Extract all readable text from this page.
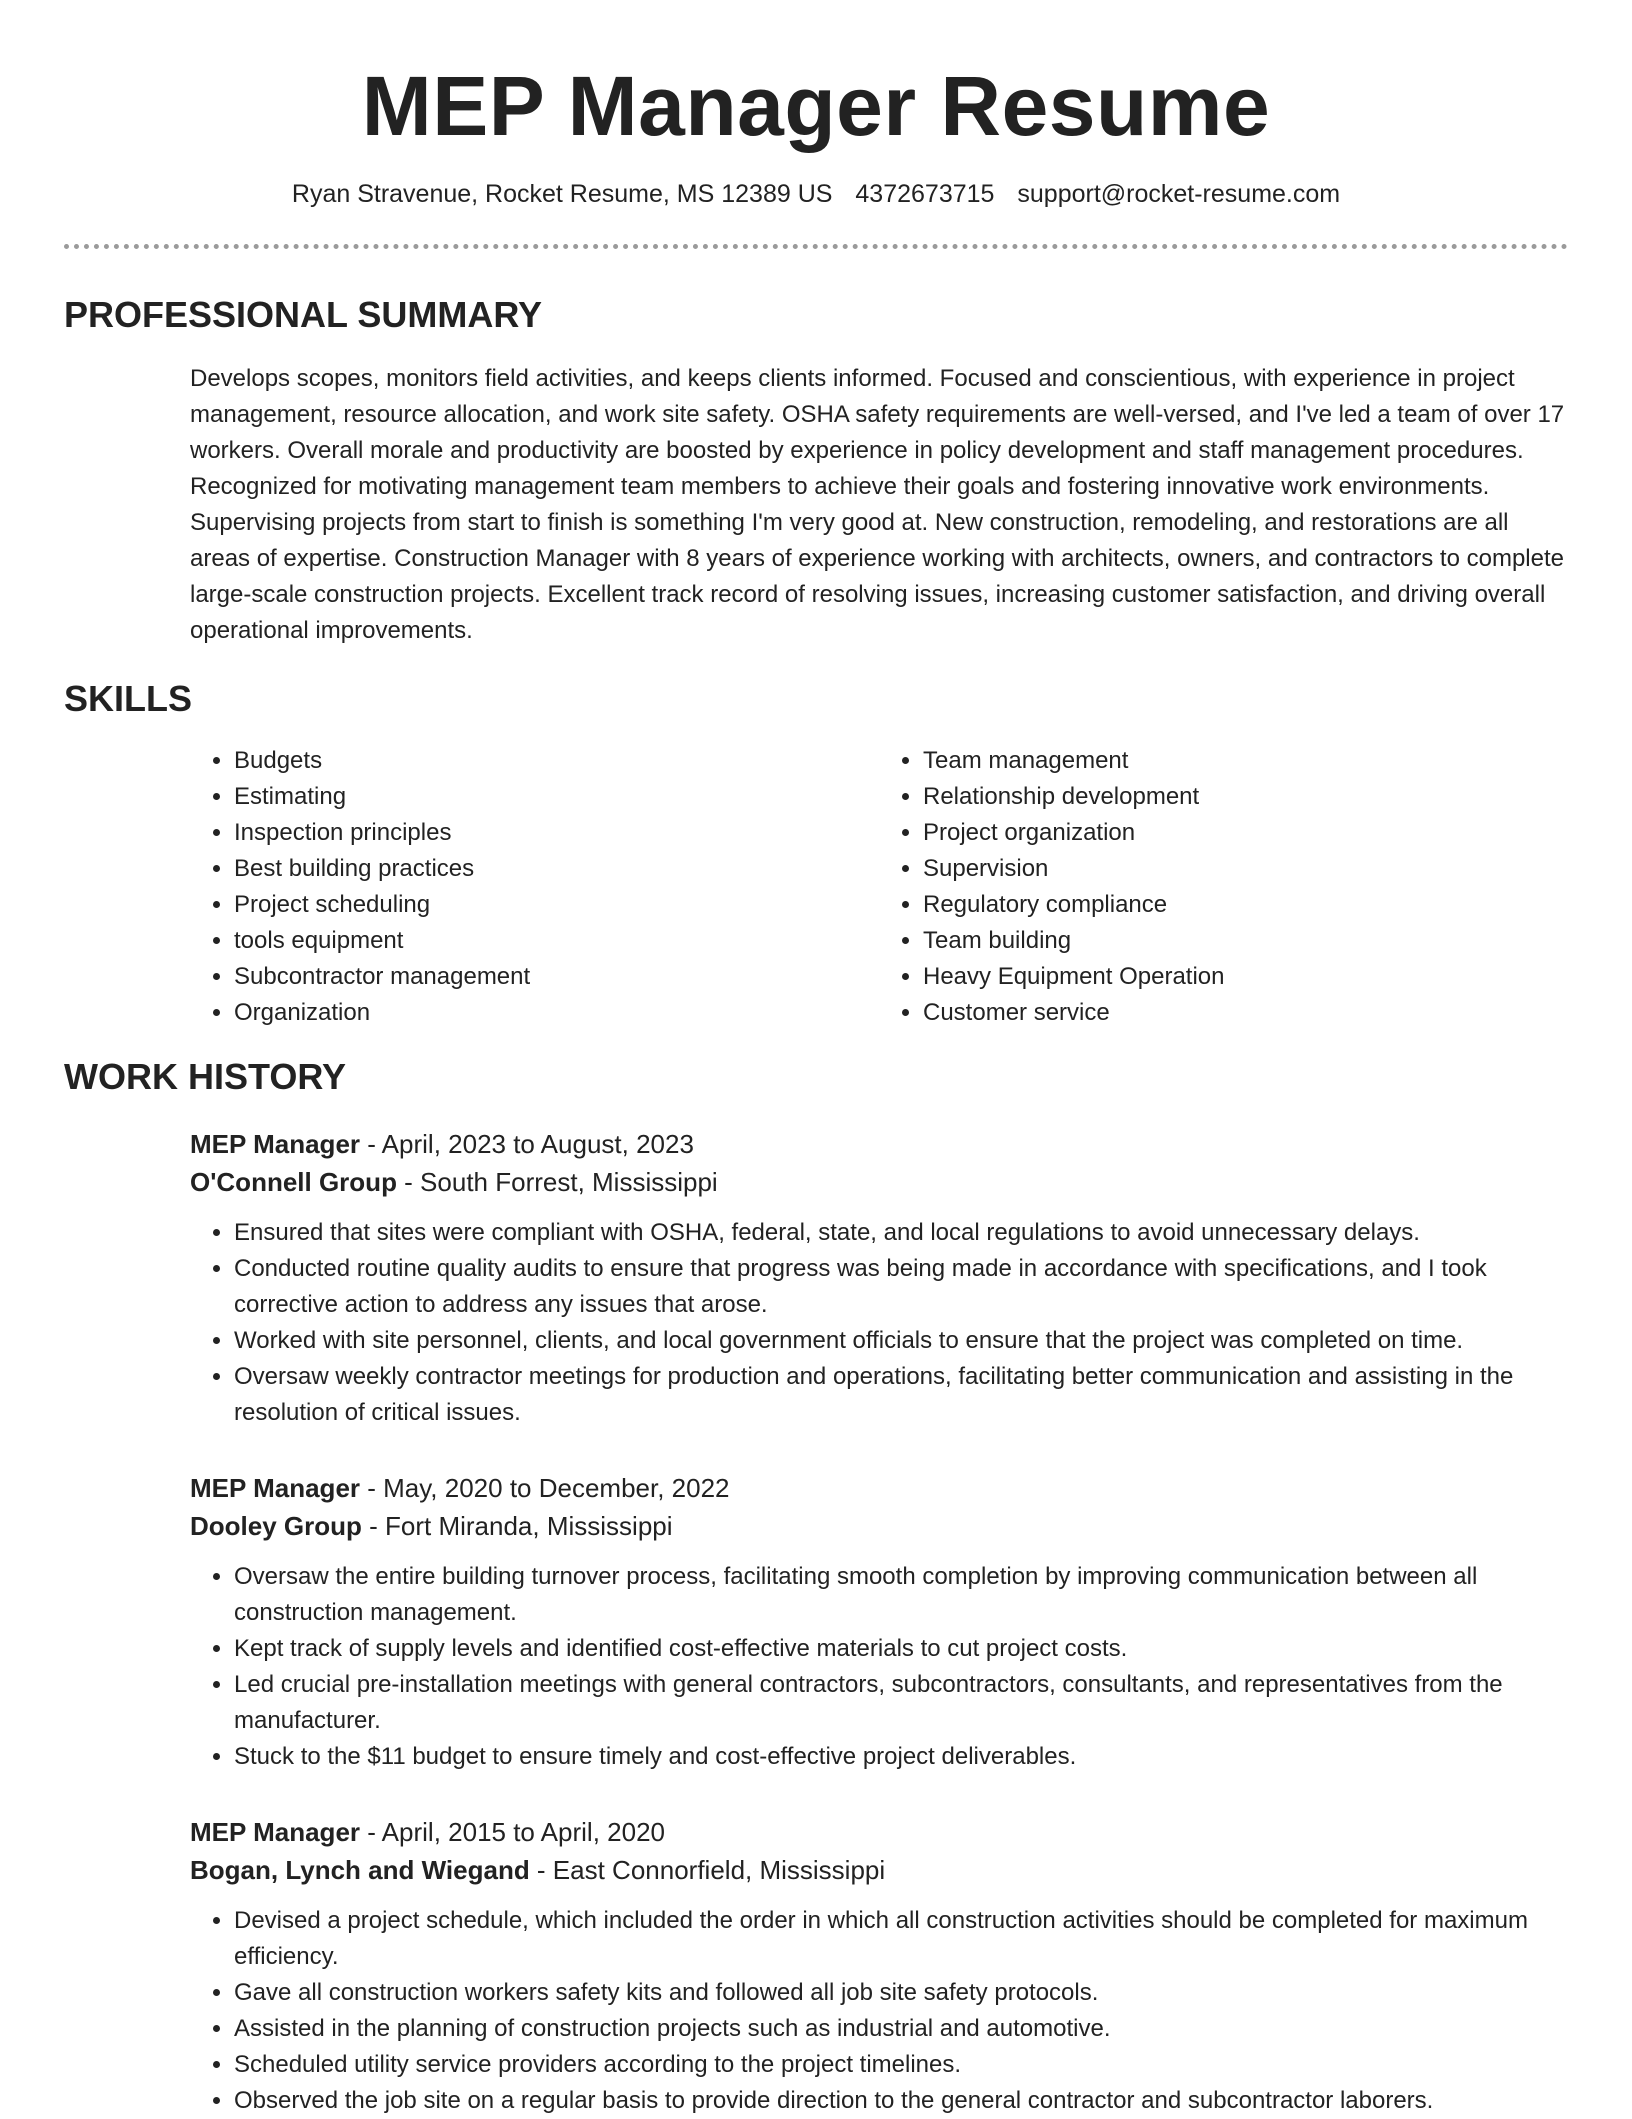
MEP Manager Resume
Ryan Stravenue, Rocket Resume, MS 12389 US 4372673715 support@rocket-resume.com
PROFESSIONAL SUMMARY

Develops scopes, monitors field activities, and keeps clients informed. Focused and conscientious, with experience in project management, resource allocation, and work site safety. OSHA safety requirements are well-versed, and I've led a team of over 17 workers. Overall morale and productivity are boosted by experience in policy development and staff management procedures. Recognized for motivating management team members to achieve their goals and fostering innovative work environments. Supervising projects from start to finish is something I'm very good at. New construction, remodeling, and restorations are all areas of expertise. Construction Manager with 8 years of experience working with architects, owners, and contractors to complete large-scale construction projects. Excellent track record of resolving issues, increasing customer satisfaction, and driving overall operational improvements.

SKILLS
• Budgets
• Estimating
• Inspection principles
• Best building practices
• Project scheduling
• tools equipment
• Subcontractor management
• Organization
• Team management
• Relationship development
• Project organization
• Supervision
• Regulatory compliance
• Team building
• Heavy Equipment Operation
• Customer service
WORK HISTORY
MEP Manager - April, 2023 to August, 2023
O'Connell Group - South Forrest, Mississippi
• Ensured that sites were compliant with OSHA, federal, state, and local regulations to avoid unnecessary delays.
• Conducted routine quality audits to ensure that progress was being made in accordance with specifications, and I took corrective action to address any issues that arose.
• Worked with site personnel, clients, and local government officials to ensure that the project was completed on time.
• Oversaw weekly contractor meetings for production and operations, facilitating better communication and assisting in the resolution of critical issues.
MEP Manager - May, 2020 to December, 2022
Dooley Group - Fort Miranda, Mississippi
• Oversaw the entire building turnover process, facilitating smooth completion by improving communication between all construction management.
• Kept track of supply levels and identified cost-effective materials to cut project costs.
• Led crucial pre-installation meetings with general contractors, subcontractors, consultants, and representatives from the manufacturer.
• Stuck to the $11 budget to ensure timely and cost-effective project deliverables.
MEP Manager - April, 2015 to April, 2020
Bogan, Lynch and Wiegand - East Connorfield, Mississippi
• Devised a project schedule, which included the order in which all construction activities should be completed for maximum efficiency.
• Gave all construction workers safety kits and followed all job site safety protocols.
• Assisted in the planning of construction projects such as industrial and automotive.
• Scheduled utility service providers according to the project timelines.
• Observed the job site on a regular basis to provide direction to the general contractor and subcontractor laborers.
